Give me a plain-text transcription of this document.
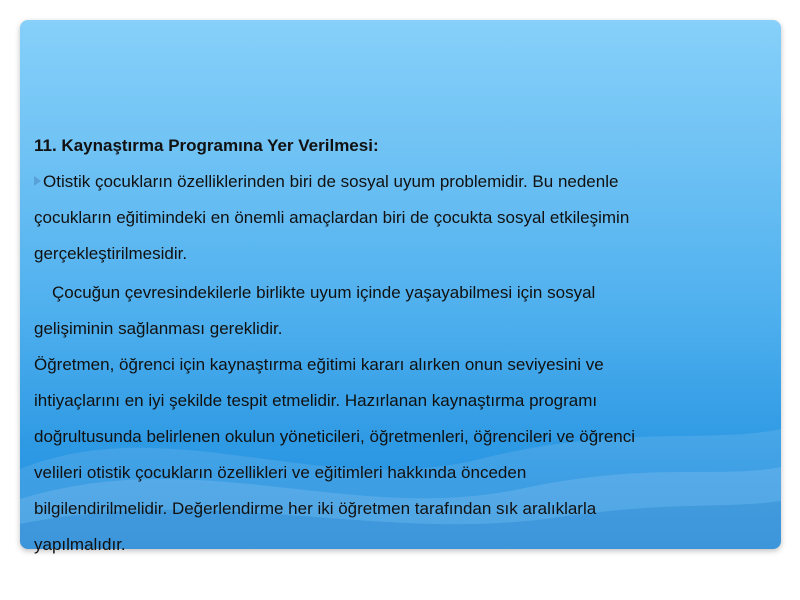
11. Kaynaştırma Programına Yer Verilmesi:

Otistik çocukların özelliklerinden biri de sosyal uyum problemidir. Bu nedenle
çocukların eğitimindeki en önemli amaçlardan biri de çocukta sosyal etkileşimin
gerçekleştirilmesidir.
Çocuğun çevresindekilerle birlikte uyum içinde yaşayabilmesi için sosyal
gelişiminin sağlanması gereklidir.
Öğretmen, öğrenci için kaynaştırma eğitimi kararı alırken onun seviyesini ve
ihtiyaçlarını en iyi şekilde tespit etmelidir. Hazırlanan kaynaştırma programı
doğrultusunda belirlenen okulun yöneticileri, öğretmenleri, öğrencileri ve öğrenci
velileri otistik çocukların özellikleri ve eğitimleri hakkında önceden
bilgilendirilmelidir. Değerlendirme her iki öğretmen tarafından sık aralıklarla
yapılmalıdır.
